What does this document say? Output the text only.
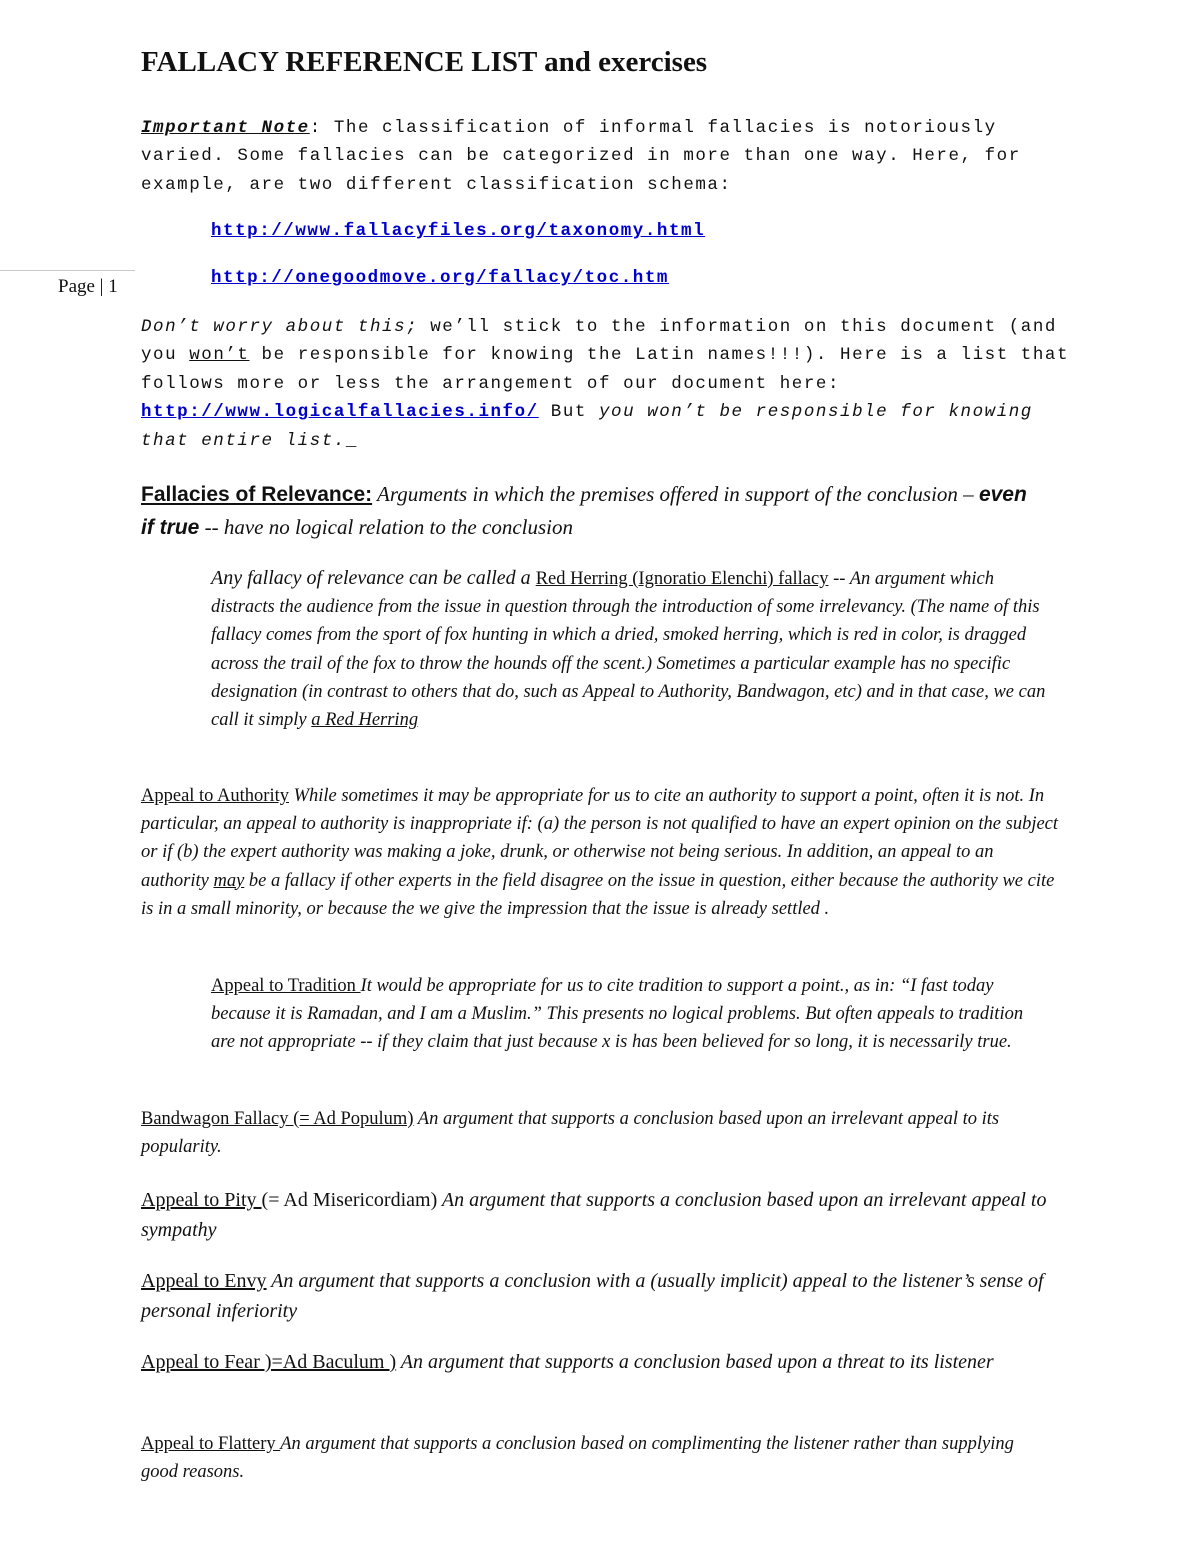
Page | 1
FALLACY REFERENCE LIST and exercises

Important Note: The classification of informal fallacies is notoriously varied. Some fallacies can be categorized in more than one way. Here, for example, are two different classification schema:

http://www.fallacyfiles.org/taxonomy.html
http://onegoodmove.org/fallacy/toc.htm

Don’t worry about this; we’ll stick to the information on this document (and you won’t be responsible for knowing the Latin names!!!). Here is a list that follows more or less the arrangement of our document here: http://www.logicalfallacies.info/ But you won’t be responsible for knowing that entire list._

Fallacies of Relevance: Arguments in which the premises offered in support of the conclusion – even if true -- have no logical relation to the conclusion

Any fallacy of relevance can be called a Red Herring (Ignoratio Elenchi) fallacy -- An argument which distracts the audience from the issue in question through the introduction of some irrelevancy. (The name of this fallacy comes from the sport of fox hunting in which a dried, smoked herring, which is red in color, is dragged across the trail of the fox to throw the hounds off the scent.) Sometimes a particular example has no specific designation (in contrast to others that do, such as Appeal to Authority, Bandwagon, etc) and in that case, we can call it simply a Red Herring

Appeal to Authority While sometimes it may be appropriate for us to cite an authority to support a point, often it is not. In particular, an appeal to authority is inappropriate if: (a) the person is not qualified to have an expert opinion on the subject or if (b) the expert authority was making a joke, drunk, or otherwise not being serious. In addition, an appeal to an authority may be a fallacy if other experts in the field disagree on the issue in question, either because the authority we cite is in a small minority, or because the we give the impression that the issue is already settled .

Appeal to Tradition It would be appropriate for us to cite tradition to support a point., as in: “I fast today because it is Ramadan, and I am a Muslim.” This presents no logical problems. But often appeals to tradition are not appropriate -- if they claim that just because x is has been believed for so long, it is necessarily true.

Bandwagon Fallacy (= Ad Populum) An argument that supports a conclusion based upon an irrelevant appeal to its popularity.

Appeal to Pity (= Ad Misericordiam) An argument that supports a conclusion based upon an irrelevant appeal to sympathy

Appeal to Envy An argument that supports a conclusion with a (usually implicit) appeal to the listener’s sense of personal inferiority

Appeal to Fear )=Ad Baculum ) An argument that supports a conclusion based upon a threat to its listener

Appeal to Flattery An argument that supports a conclusion based on complimenting the listener rather than supplying good reasons.
